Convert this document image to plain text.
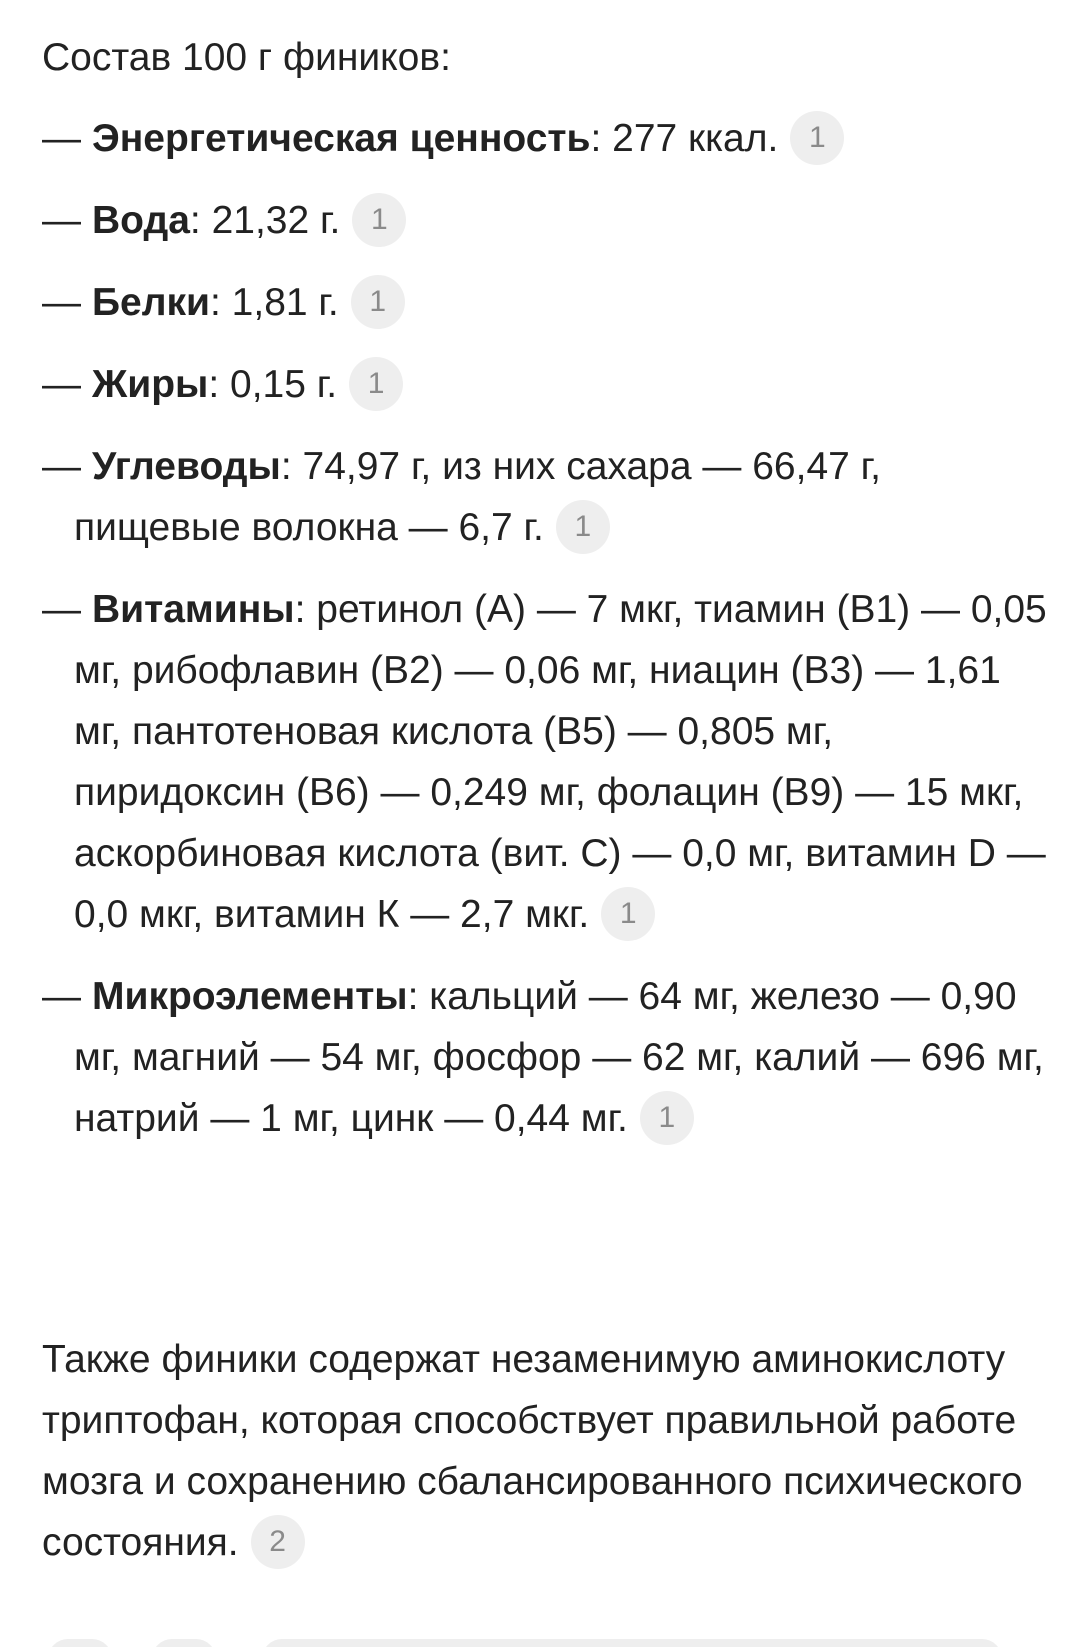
Состав 100 г фиников:
— Энергетическая ценность: 277 ккал. 1
— Вода: 21,32 г. 1
— Белки: 1,81 г. 1
— Жиры: 0,15 г. 1
— Углеводы: 74,97 г, из них сахара — 66,47 г, пищевые волокна — 6,7 г. 1
— Витамины: ретинол (А) — 7 мкг, тиамин (B1) — 0,05 мг, рибофлавин (B2) — 0,06 мг, ниацин (B3) — 1,61 мг, пантотеновая кислота (B5) — 0,805 мг, пиридоксин (B6) — 0,249 мг, фолацин (B9) — 15 мкг, аскорбиновая кислота (вит. С) — 0,0 мг, витамин D — 0,0 мкг, витамин К — 2,7 мкг. 1
— Микроэлементы: кальций — 64 мг, железо — 0,90 мг, магний — 54 мг, фосфор — 62 мг, калий — 696 мг, натрий — 1 мг, цинк — 0,44 мг. 1

Также финики содержат незаменимую аминокислоту триптофан, которая способствует правильной работе мозга и сохранению сбалансированного психического состояния. 2
